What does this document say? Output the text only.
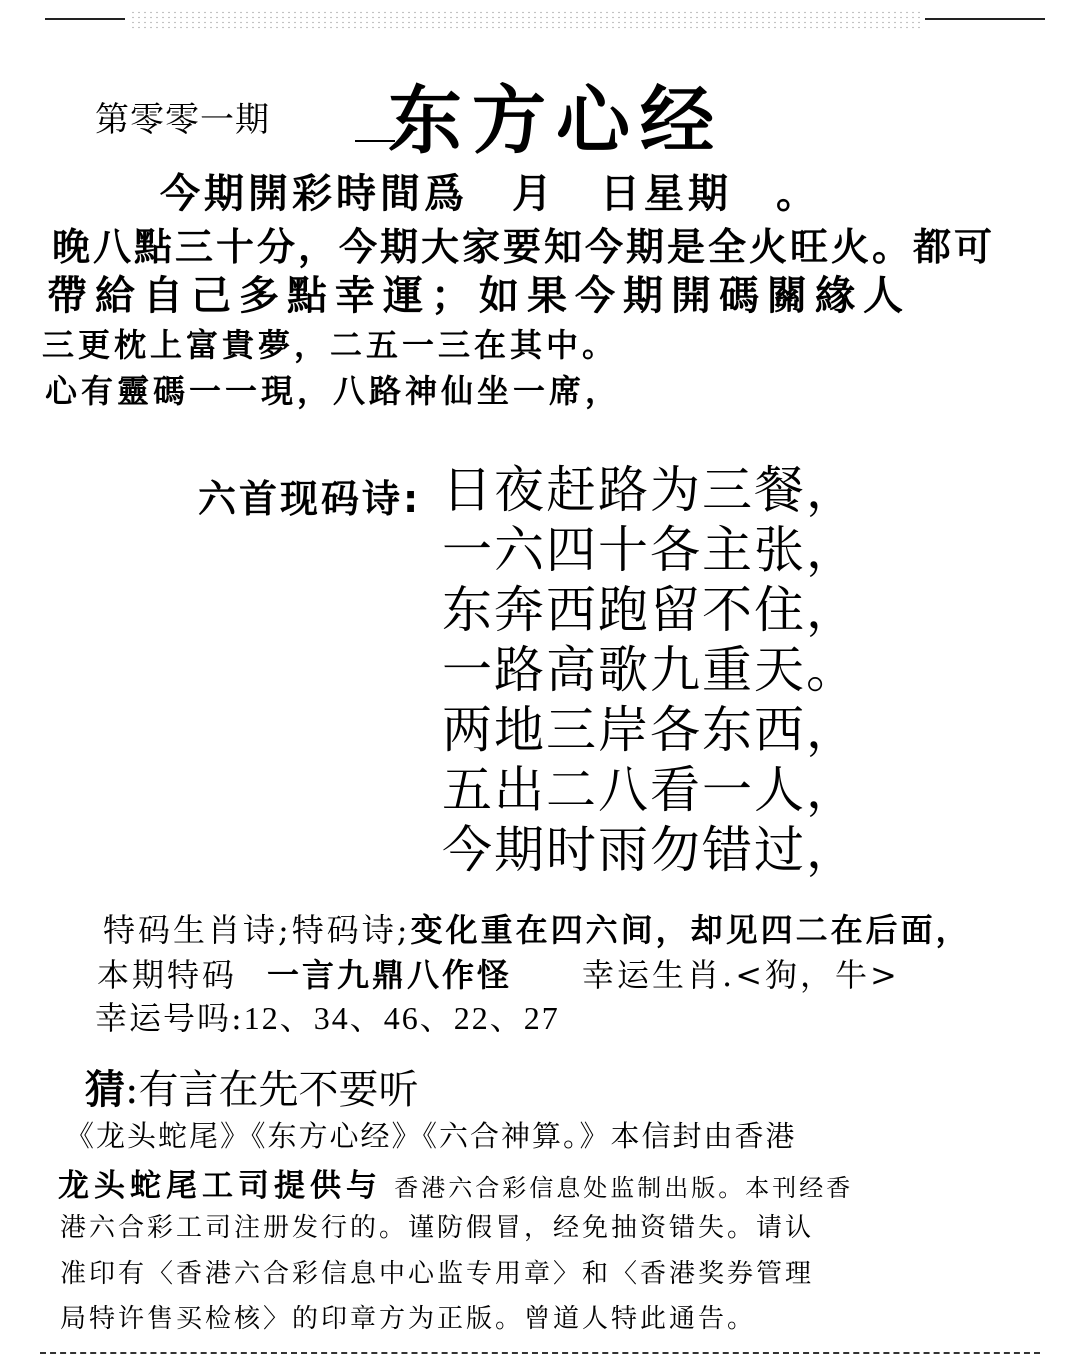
第零零一期 东方心经
今期開彩時間爲　月　日星期　。
晚八點三十分，今期大家要知今期是全火旺火。都可
帶給自己多點幸運；如果今期開碼關緣人
三更枕上富貴夢，二五一三在其中。
心有靈碼一一現，八路神仙坐一席，
六首现码诗: 日夜赶路为三餐，
一六四十各主张，
东奔西跑留不住，
一路高歌九重天。
两地三岸各东西，
五出二八看一人，
今期时雨勿错过，
特码生肖诗;特码诗;变化重在四六间，却见四二在后面，
本期特码 一言九鼎八作怪 幸运生肖.<狗，牛>
幸运号吗:12、34、46、22、27
猜:有言在先不要听
《龙头蛇尾》《东方心经》《六合神算。》本信封由香港
龙头蛇尾工司提供与 香港六合彩信息处监制出版。本刊经香
港六合彩工司注册发行的。谨防假冒，经免抽资错失。请认
准印有〈香港六合彩信息中心监专用章〉和〈香港奖券管理
局特许售买检核〉的印章方为正版。曾道人特此通告。
